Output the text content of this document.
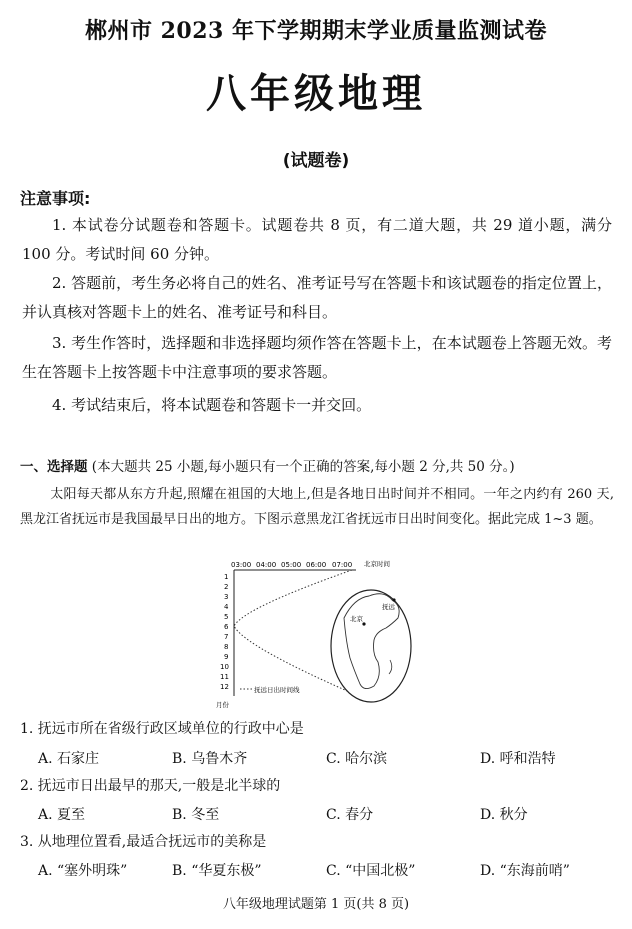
郴州市 2023 年下学期期末学业质量监测试卷
八年级地理
(试题卷)
注意事项:
1. 本试卷分试题卷和答题卡。试题卷共 8 页，有二道大题，共 29 道小题，满分 100 分。考试时间 60 分钟。
2. 答题前，考生务必将自己的姓名、准考证号写在答题卡和该试题卷的指定位置上，并认真核对答题卡上的姓名、准考证号和科目。
3. 考生作答时，选择题和非选择题均须作答在答题卡上，在本试题卷上答题无效。考生在答题卡上按答题卡中注意事项的要求答题。
4. 考试结束后，将本试题卷和答题卡一并交回。
一、选择题 (本大题共 25 小题,每小题只有一个正确的答案,每小题 2 分,共 50 分。)
太阳每天都从东方升起,照耀在祖国的大地上,但是各地日出时间并不相同。一年之内约有 260 天,黑龙江省抚远市是我国最早日出的地方。下图示意黑龙江省抚远市日出时间变化。据此完成 1~3 题。
03:00 04:00 05:00 06:00 07:00 北京时间
1
2
3
4
5
6
7
8
9
10
11
12
月份
抚远
北京
抚远日出时间线
1. 抚远市所在省级行政区域单位的行政中心是
A. 石家庄	B. 乌鲁木齐	C. 哈尔滨	D. 呼和浩特
2. 抚远市日出最早的那天,一般是北半球的
A. 夏至	B. 冬至	C. 春分	D. 秋分
3. 从地理位置看,最适合抚远市的美称是
A. “塞外明珠”	B. “华夏东极”	C. “中国北极”	D. “东海前哨”
八年级地理试题第 1 页(共 8 页)
